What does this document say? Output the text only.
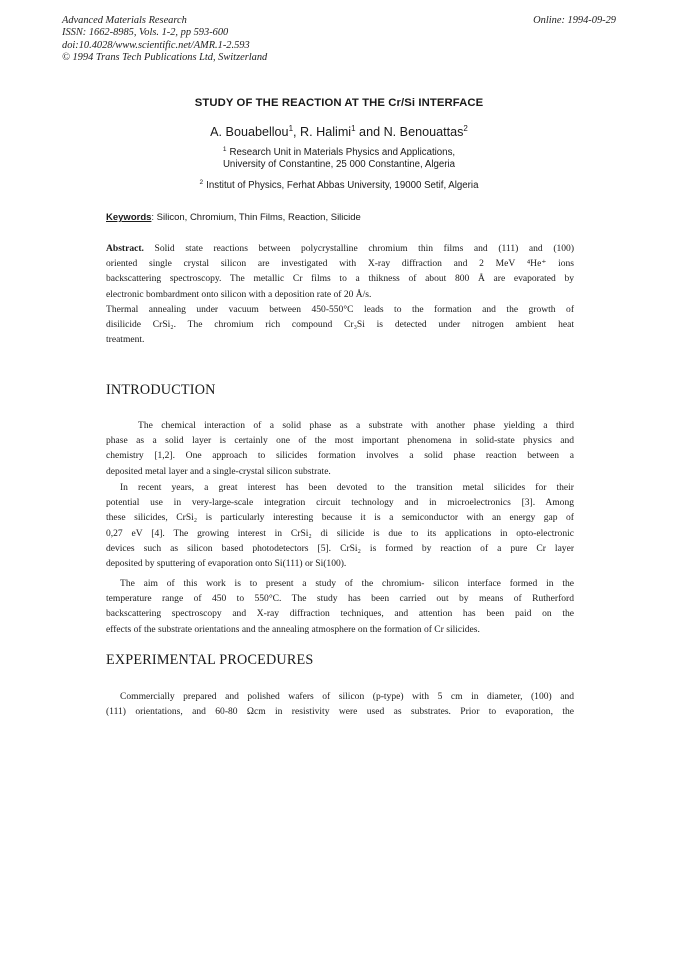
Advanced Materials Research
ISSN: 1662-8985, Vols. 1-2, pp 593-600
doi:10.4028/www.scientific.net/AMR.1-2.593
© 1994 Trans Tech Publications Ltd, Switzerland
Online: 1994-09-29
STUDY OF THE REACTION AT THE Cr/Si INTERFACE
A. Bouabellou$^1$, R. Halimi$^1$ and N. Benouattas$^2$
$^1$ Research Unit in Materials Physics and Applications,
University of Constantine, 25 000 Constantine, Algeria
$^2$ Institut of Physics, Ferhat Abbas University, 19000 Setif, Algeria
Keywords: Silicon, Chromium, Thin Films, Reaction, Silicide
Abstract. Solid state reactions between polycrystalline chromium thin films and (111) and (100)
oriented single crystal silicon are investigated with X-ray diffraction and 2 MeV ⁴He⁺ ions
backscattering spectroscopy. The metallic Cr films to a thikness of about 800 Å are evaporated by
electronic bombardment onto silicon with a deposition rate of 20 Å/s.
Thermal annealing under vacuum between 450-550°C leads to the formation and the growth of
disilicide CrSi₂. The chromium rich compound Cr₃Si is detected under nitrogen ambient heat
treatment.
INTRODUCTION
The chemical interaction of a solid phase as a substrate with another phase yielding a third
phase as a solid layer is certainly one of the most important phenomena in solid-state physics and
chemistry [1,2]. One approach to silicides formation involves a solid phase reaction between a
deposited metal layer and a single-crystal silicon substrate.
In recent years, a great interest has been devoted to the transition metal silicides for their
potential use in very-large-scale integration circuit technology and in microelectronics [3]. Among
these silicides, CrSi₂ is particularly interesting because it is a semiconductor with an energy gap of
0,27 eV [4]. The growing interest in CrSi₂ di silicide is due to its applications in opto-electronic
devices such as silicon based photodetectors [5]. CrSi₂ is formed by reaction of a pure Cr layer
deposited by sputtering of evaporation onto Si(111) or Si(100).
The aim of this work is to present a study of the chromium- silicon interface formed in the
temperature range of 450 to 550°C. The study has been carried out by means of Rutherford
backscattering spectroscopy and X-ray diffraction techniques, and attention has been paid on the
effects of the substrate orientations and the annealing atmosphere on the formation of Cr silicides.
EXPERIMENTAL PROCEDURES
Commercially prepared and polished wafers of silicon (p-type) with 5 cm in diameter, (100) and
(111) orientations, and 60-80 Ωcm in resistivity were used as substrates. Prior to evaporation, the
